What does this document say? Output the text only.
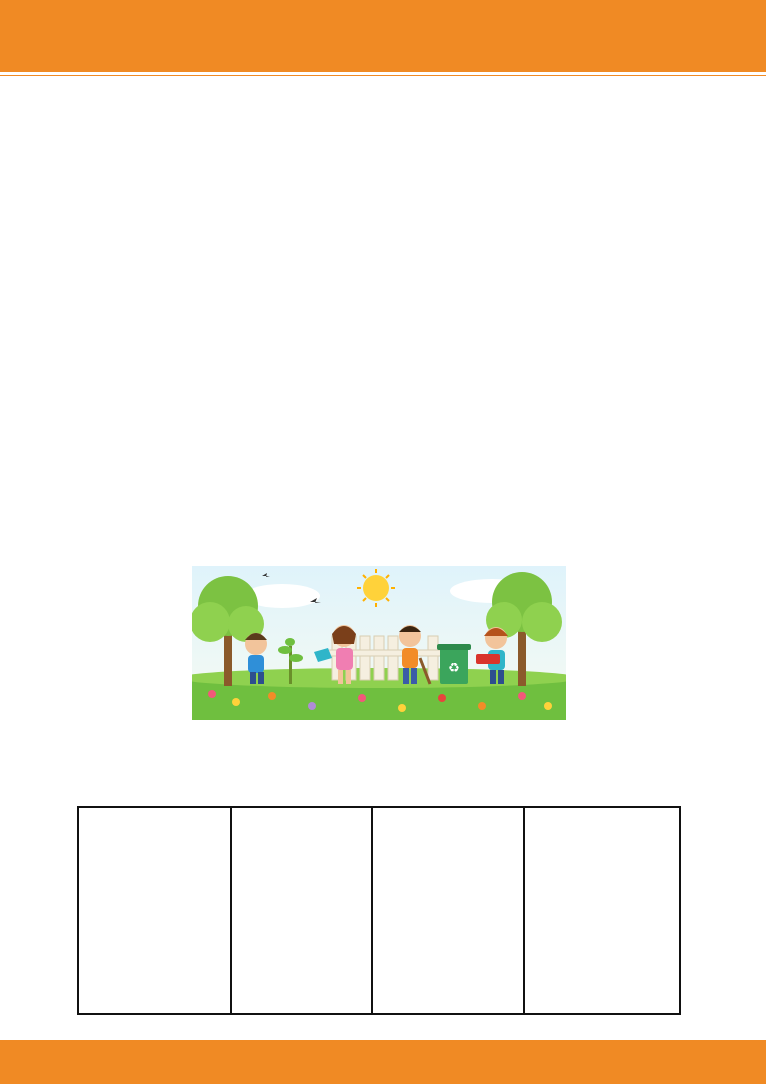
♻
